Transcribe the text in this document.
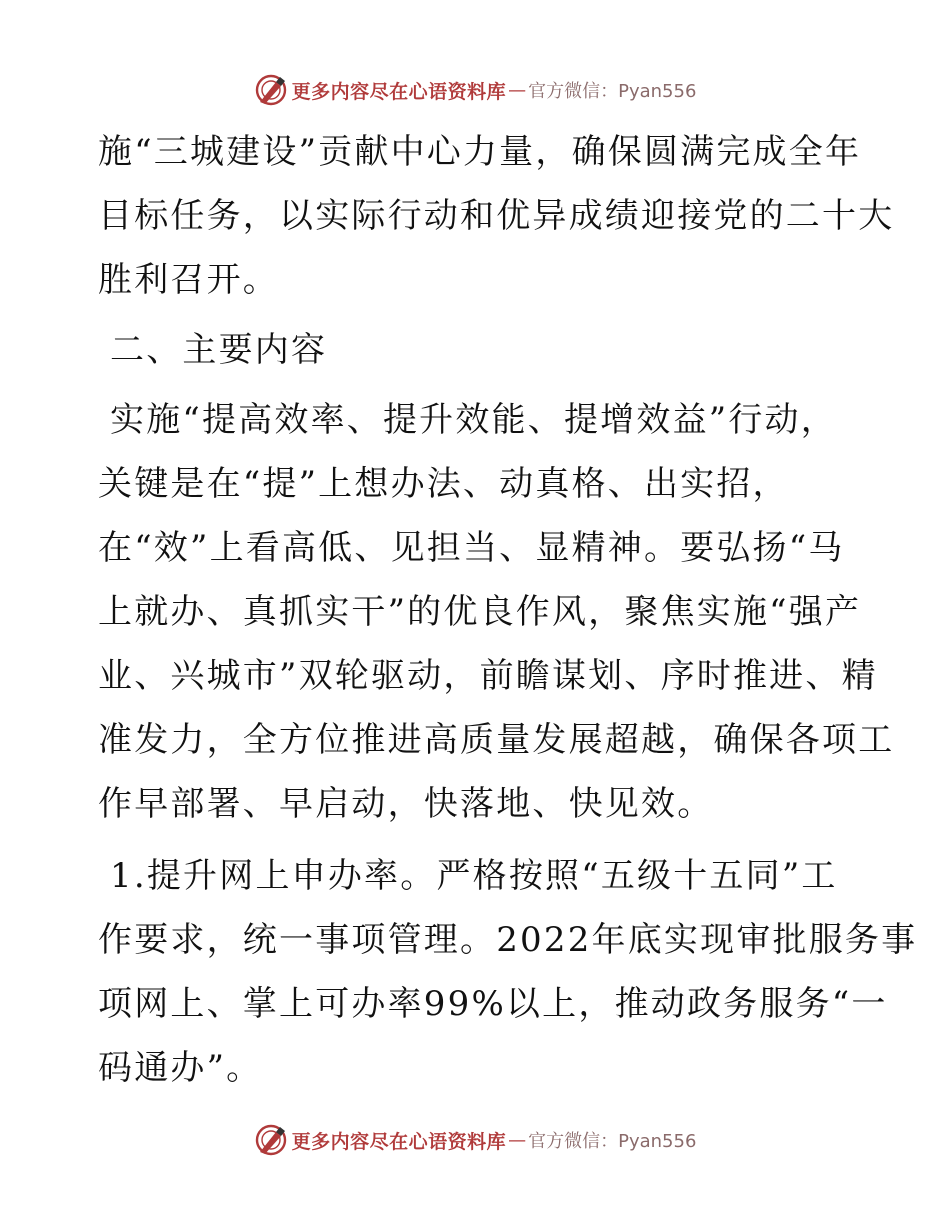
更多内容尽在心语资料库 — 官方微信：Pyan556
施“三城建设”贡献中心力量，确保圆满完成全年
目标任务，以实际行动和优异成绩迎接党的二十大
胜利召开。
二、主要内容
实施“提高效率、提升效能、提增效益”行动，
关键是在“提”上想办法、动真格、出实招，
在“效”上看高低、见担当、显精神。要弘扬“马
上就办、真抓实干”的优良作风，聚焦实施“强产
业、兴城市”双轮驱动，前瞻谋划、序时推进、精
准发力，全方位推进高质量发展超越，确保各项工
作早部署、早启动，快落地、快见效。
1.提升网上申办率。严格按照“五级十五同”工
作要求，统一事项管理。2022年底实现审批服务事
项网上、掌上可办率99%以上，推动政务服务“一
码通办”。
更多内容尽在心语资料库 — 官方微信：Pyan556
